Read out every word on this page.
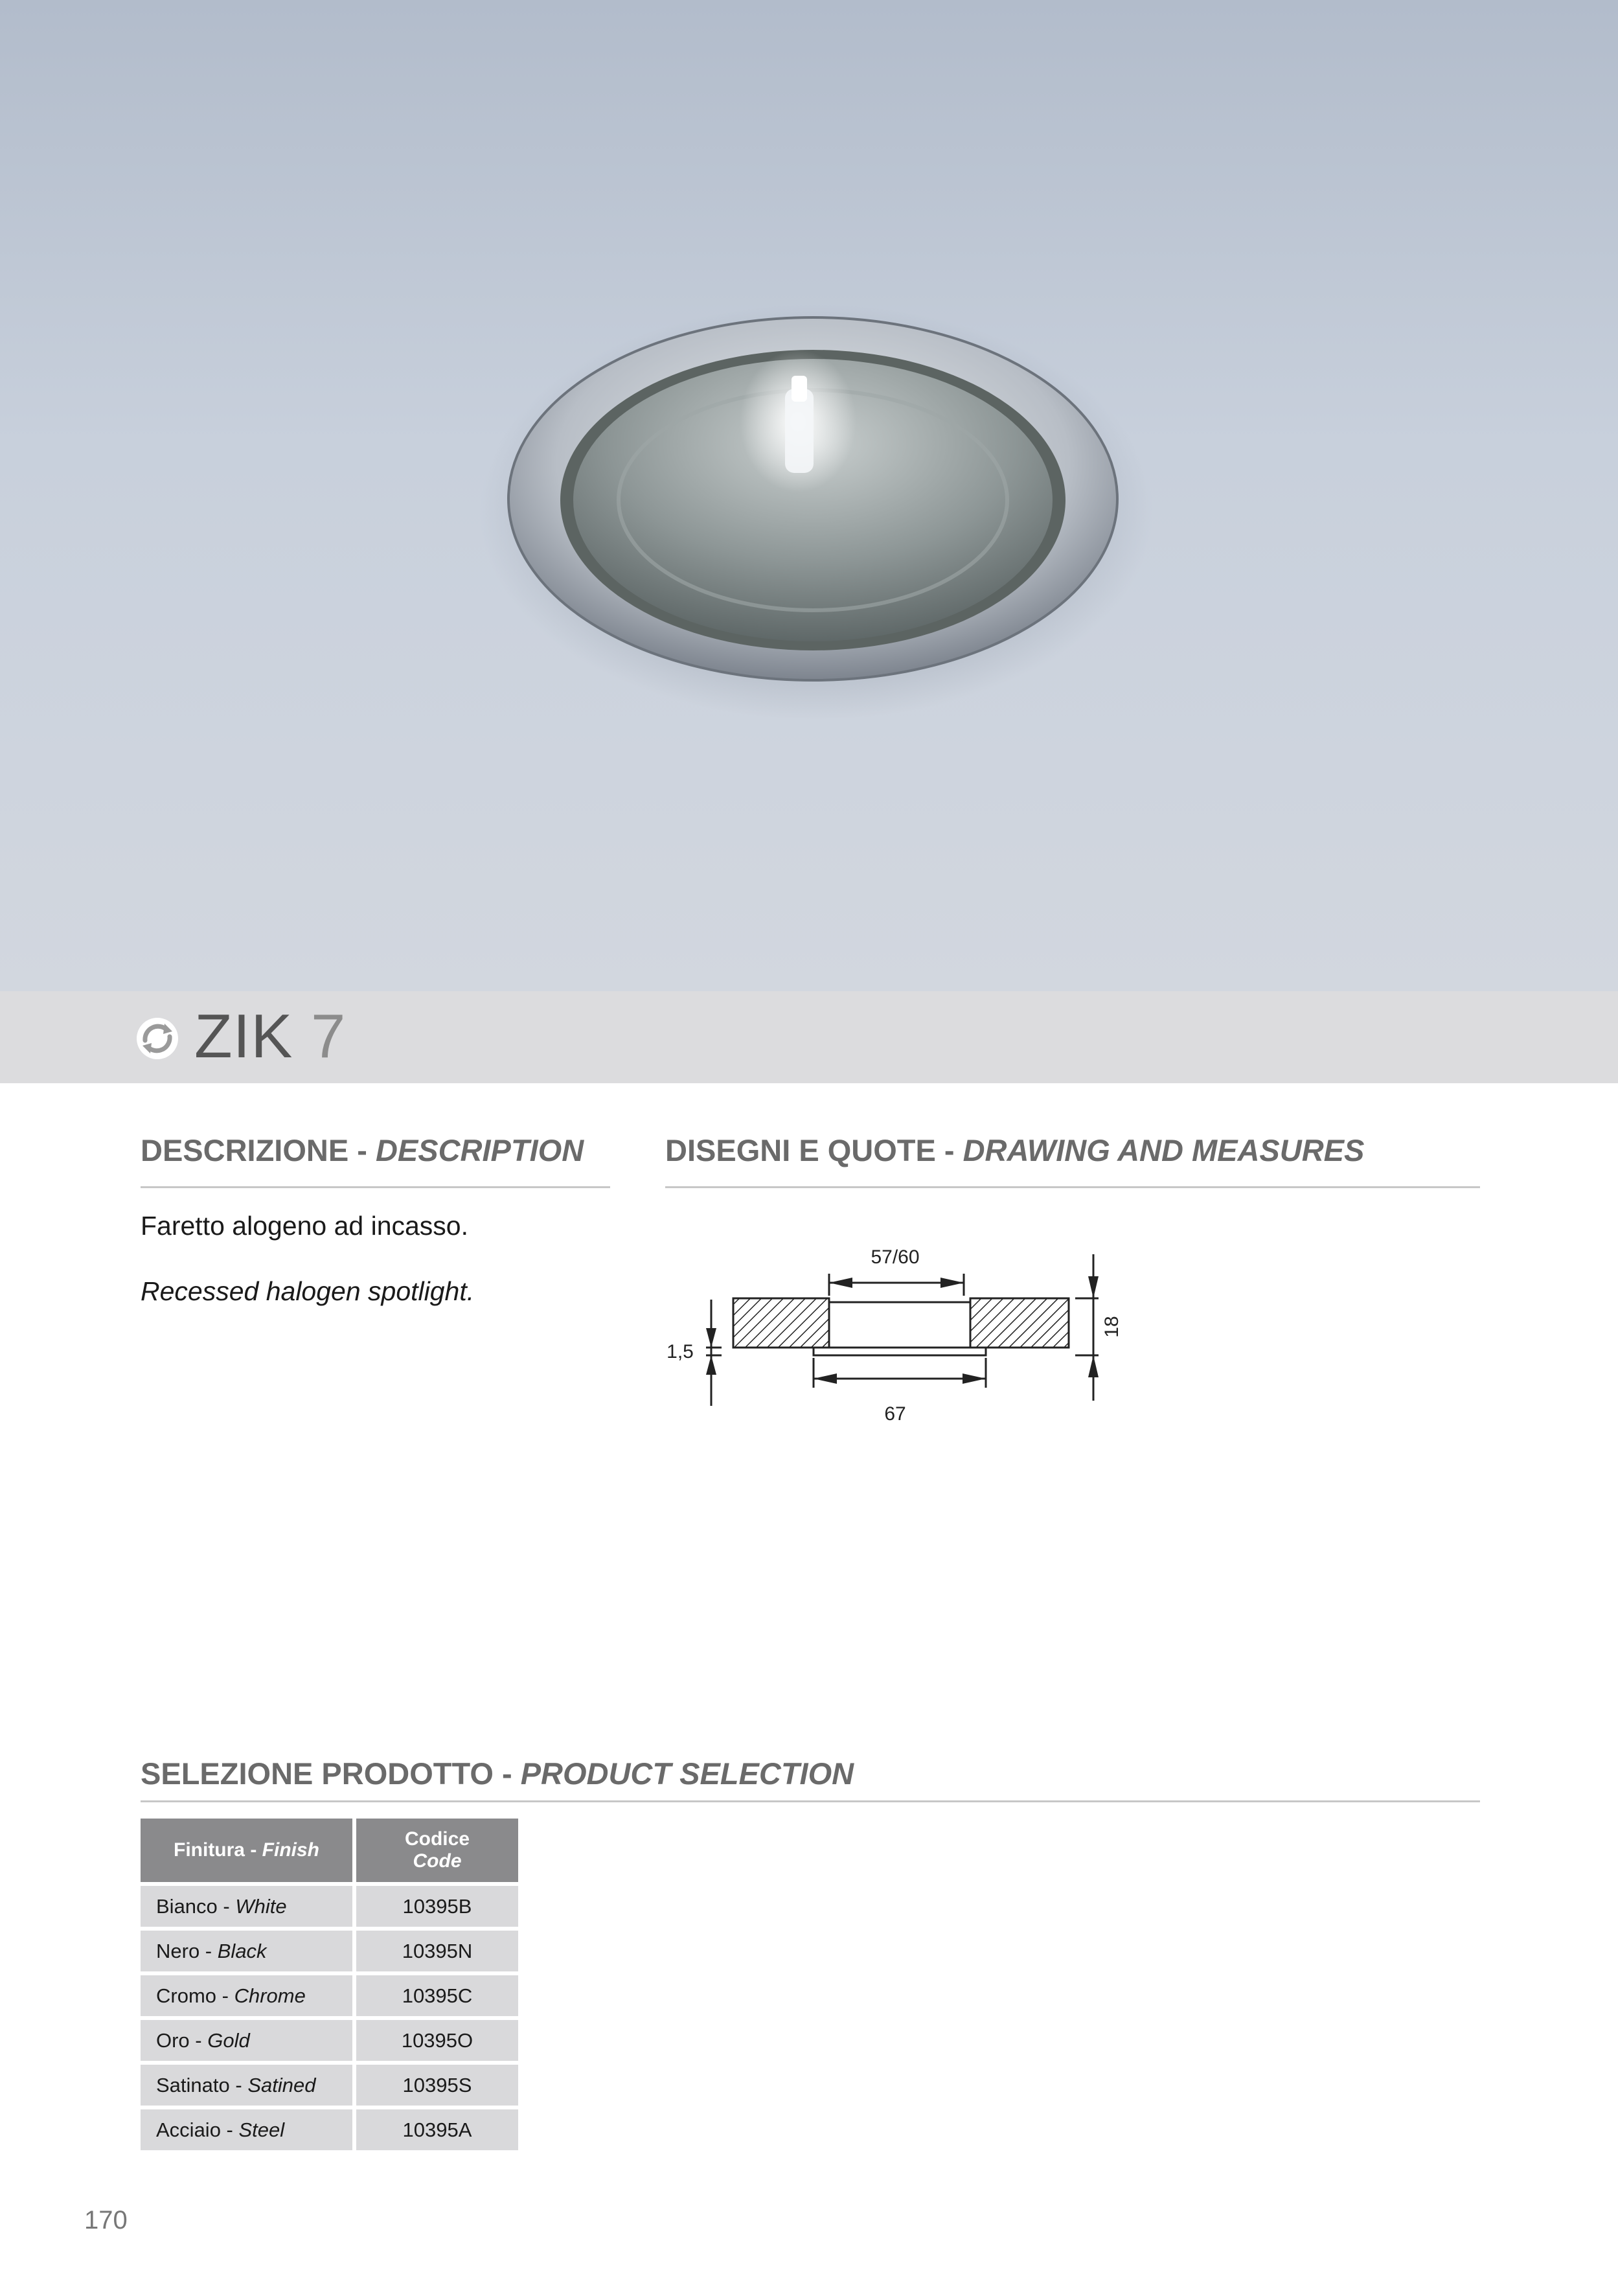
ZIK 7
DESCRIZIONE - DESCRIPTION
Faretto alogeno ad incasso.
Recessed halogen spotlight.
DISEGNI E QUOTE - DRAWING AND MEASURES
57/60
67
18
1,5
SELEZIONE PRODOTTO - PRODUCT SELECTION
Finitura - Finish	Codice
Code
Bianco - White	10395B
Nero - Black	10395N
Cromo - Chrome	10395C
Oro - Gold	10395O
Satinato - Satined	10395S
Acciaio - Steel	10395A
170
